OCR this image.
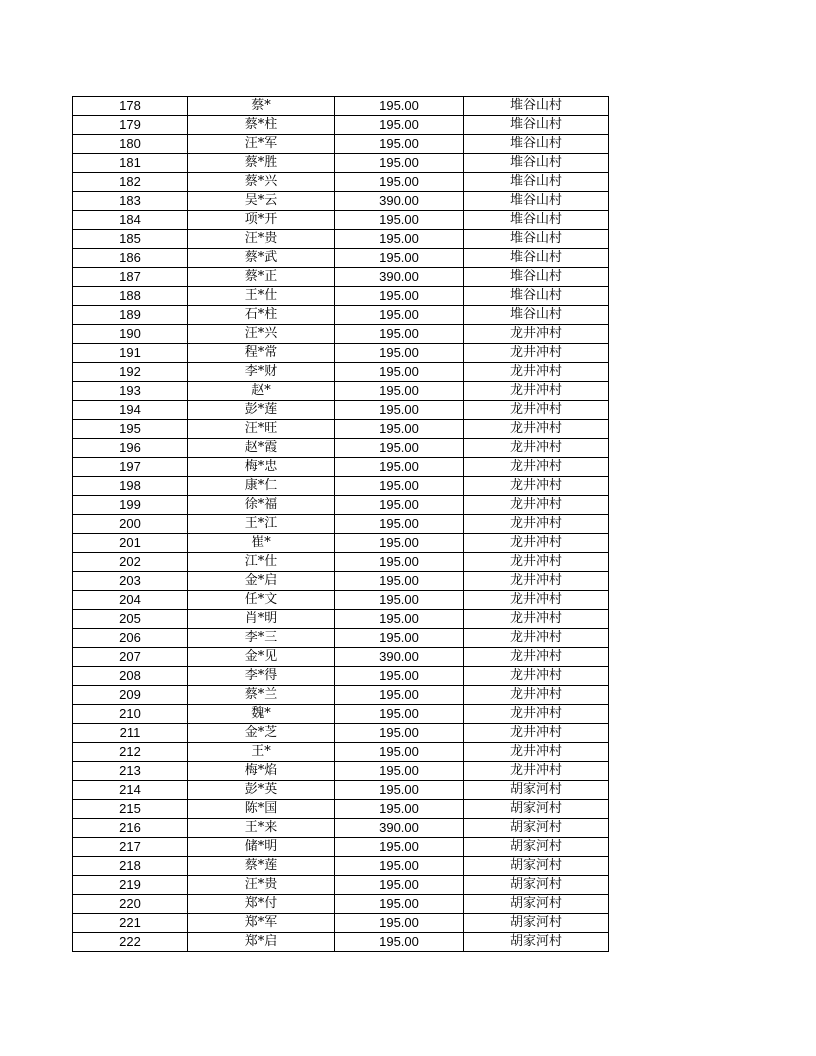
178	蔡*	195.00	堆谷山村
179	蔡*柱	195.00	堆谷山村
180	汪*军	195.00	堆谷山村
181	蔡*胜	195.00	堆谷山村
182	蔡*兴	195.00	堆谷山村
183	吴*云	390.00	堆谷山村
184	项*开	195.00	堆谷山村
185	汪*贵	195.00	堆谷山村
186	蔡*武	195.00	堆谷山村
187	蔡*正	390.00	堆谷山村
188	王*仕	195.00	堆谷山村
189	石*柱	195.00	堆谷山村
190	汪*兴	195.00	龙井冲村
191	程*常	195.00	龙井冲村
192	李*财	195.00	龙井冲村
193	赵*	195.00	龙井冲村
194	彭*莲	195.00	龙井冲村
195	汪*旺	195.00	龙井冲村
196	赵*霞	195.00	龙井冲村
197	梅*忠	195.00	龙井冲村
198	康*仁	195.00	龙井冲村
199	徐*福	195.00	龙井冲村
200	王*江	195.00	龙井冲村
201	崔*	195.00	龙井冲村
202	江*仕	195.00	龙井冲村
203	金*启	195.00	龙井冲村
204	任*文	195.00	龙井冲村
205	肖*明	195.00	龙井冲村
206	李*三	195.00	龙井冲村
207	金*见	390.00	龙井冲村
208	李*得	195.00	龙井冲村
209	蔡*兰	195.00	龙井冲村
210	魏*	195.00	龙井冲村
211	金*芝	195.00	龙井冲村
212	王*	195.00	龙井冲村
213	梅*焰	195.00	龙井冲村
214	彭*英	195.00	胡家河村
215	陈*国	195.00	胡家河村
216	王*来	390.00	胡家河村
217	储*明	195.00	胡家河村
218	蔡*莲	195.00	胡家河村
219	汪*贵	195.00	胡家河村
220	郑*付	195.00	胡家河村
221	郑*军	195.00	胡家河村
222	郑*启	195.00	胡家河村
